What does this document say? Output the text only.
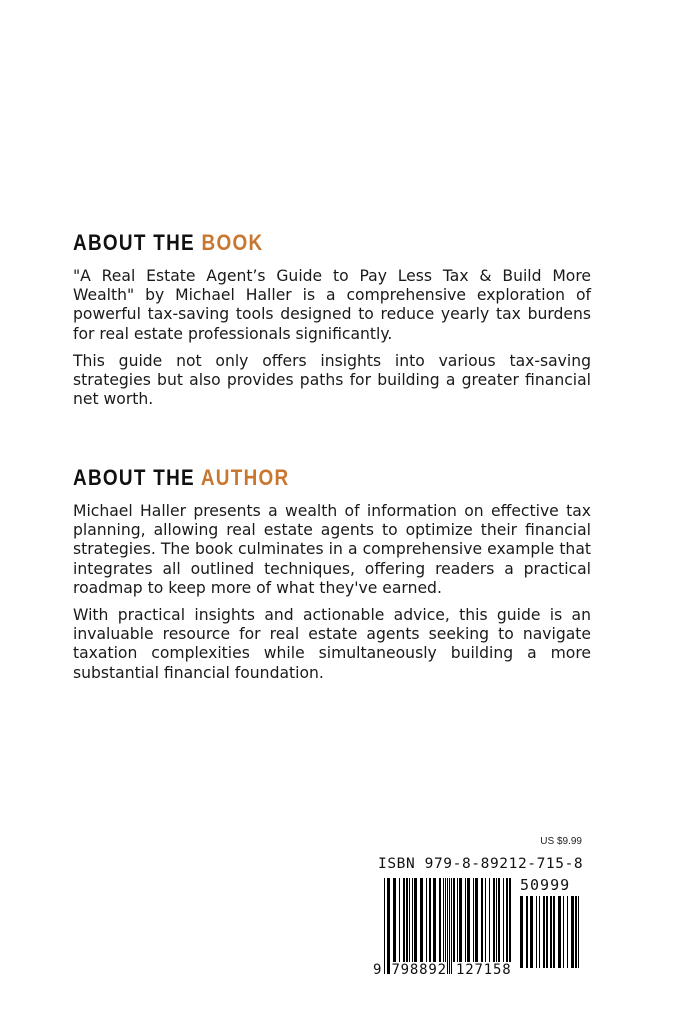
ABOUT THE BOOK

"A Real Estate Agent’s Guide to Pay Less Tax & Build More Wealth" by Michael Haller is a comprehensive exploration of powerful tax-saving tools designed to reduce yearly tax burdens for real estate professionals significantly.

This guide not only offers insights into various tax-saving strategies but also provides paths for building a greater financial net worth.

ABOUT THE AUTHOR

Michael Haller presents a wealth of information on effective tax planning, allowing real estate agents to optimize their financial strategies. The book culminates in a comprehensive example that integrates all outlined techniques, offering readers a practical roadmap to keep more of what they've earned.

With practical insights and actionable advice, this guide is an invaluable resource for real estate agents seeking to navigate taxation complexities while simultaneously building a more substantial financial foundation.

US $9.99
ISBN 979-8-89212-715-8
50999
9 798892 127158
